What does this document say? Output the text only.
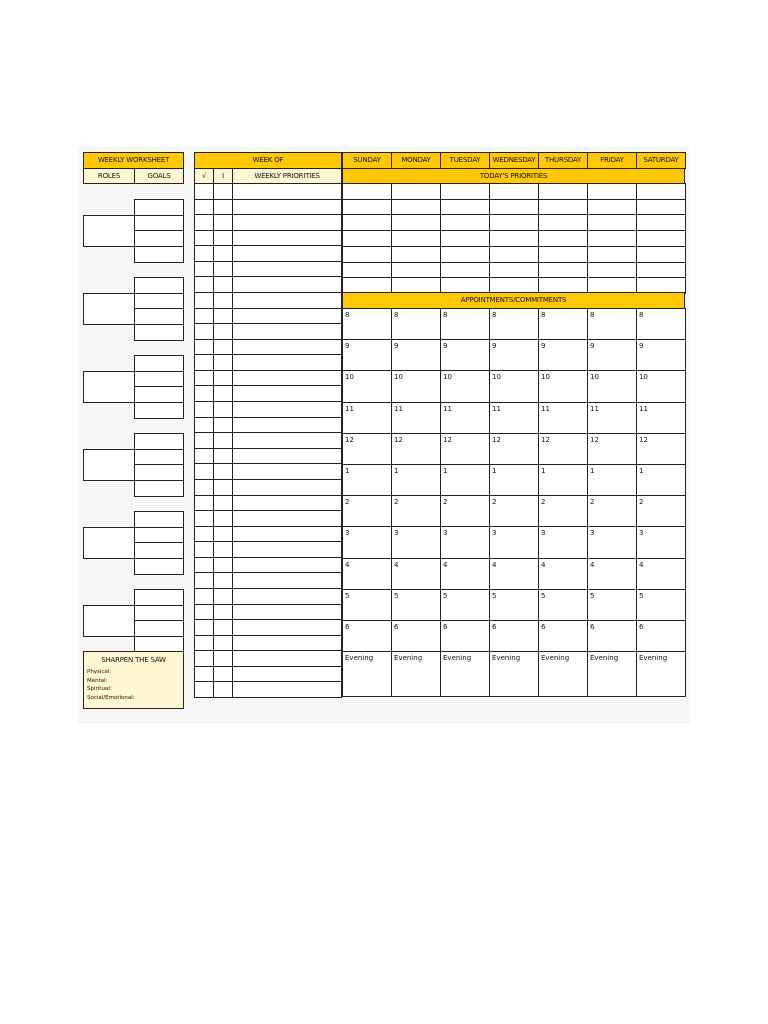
WEEKLY WORKSHEET
ROLES	GOALS
SHARPEN THE SAW
Physical:
Mental:
Spiritual:
Social/Emotional:
WEEK OF
√	I	WEEKLY PRIORITIES
SUNDAY	MONDAY	TUESDAY	WEDNESDAY	THURSDAY	FRIDAY	SATURDAY
TODAY'S PRIORITIES
APPOINTMENTS/COMMITMENTS
8	8	8	8	8	8	8
9	9	9	9	9	9	9
10	10	10	10	10	10	10
11	11	11	11	11	11	11
12	12	12	12	12	12	12
1	1	1	1	1	1	1
2	2	2	2	2	2	2
3	3	3	3	3	3	3
4	4	4	4	4	4	4
5	5	5	5	5	5	5
6	6	6	6	6	6	6
Evening	Evening	Evening	Evening	Evening	Evening	Evening
